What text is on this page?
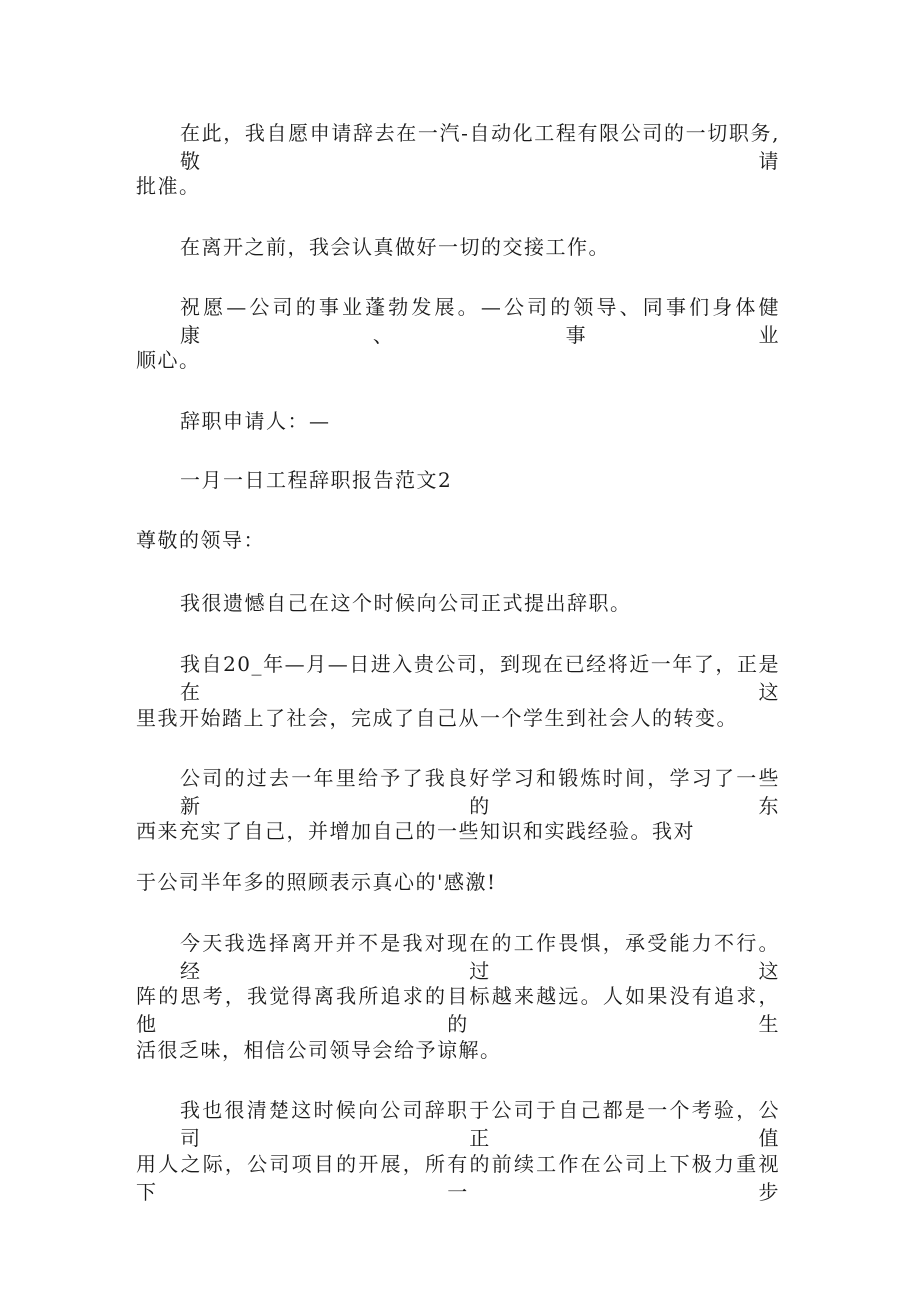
在此，我自愿申请辞去在一汽-自动化工程有限公司的一切职务,敬请
批准。
在离开之前，我会认真做好一切的交接工作。
祝愿—公司的事业蓬勃发展。—公司的领导、同事们身体健康、事业
顺心。
辞职申请人：—
一月一日工程辞职报告范文2
尊敬的领导：
我很遗憾自己在这个时候向公司正式提出辞职。
我自20_年—月—日进入贵公司，到现在已经将近一年了，正是在这
里我开始踏上了社会，完成了自己从一个学生到社会人的转变。
公司的过去一年里给予了我良好学习和锻炼时间，学习了一些新的东
西来充实了自己，并增加自己的一些知识和实践经验。我对
于公司半年多的照顾表示真心的'感激!
今天我选择离开并不是我对现在的工作畏惧，承受能力不行。经过这
阵的思考，我觉得离我所追求的目标越来越远。人如果没有追求，他的生
活很乏味，相信公司领导会给予谅解。
我也很清楚这时候向公司辞职于公司于自己都是一个考验，公司正值
用人之际，公司项目的开展，所有的前续工作在公司上下极力重视下一步
